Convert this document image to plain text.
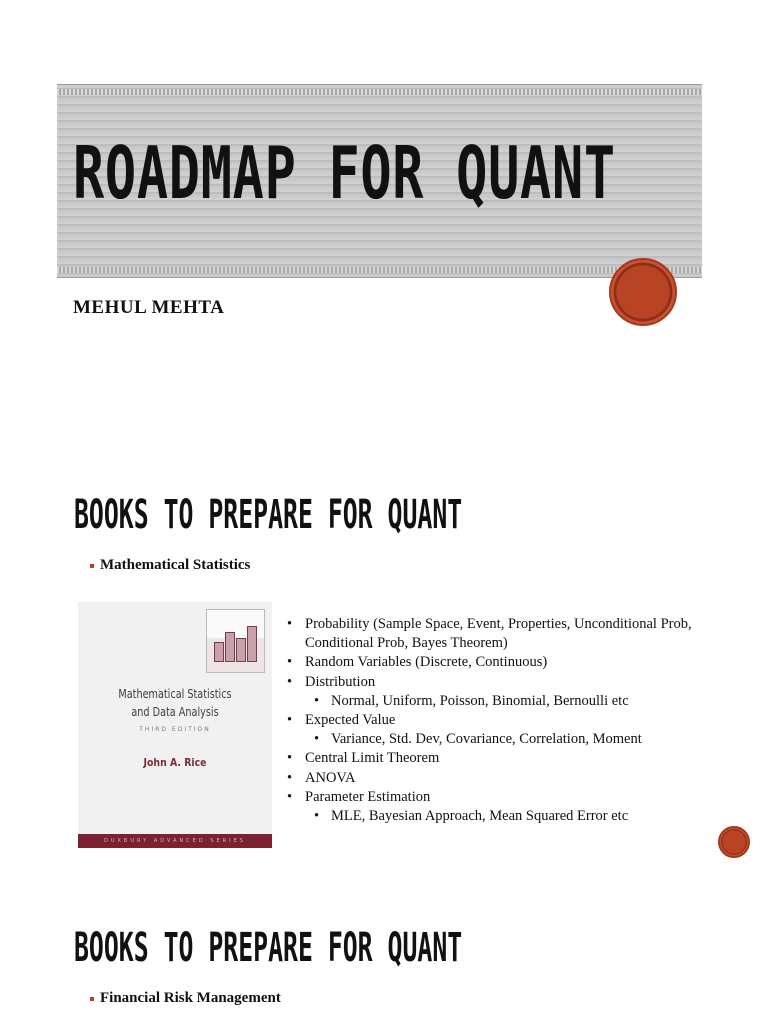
ROADMAP FOR QUANT
MEHUL MEHTA
BOOKS TO PREPARE FOR QUANT

Mathematical Statistics

Mathematical Statistics
and Data Analysis
THIRD EDITION
John A. Rice
DUXBURY ADVANCED SERIES
• Probability (Sample Space, Event, Properties, Unconditional Prob, Conditional Prob, Bayes Theorem)
• Random Variables (Discrete, Continuous)
• Distribution
• Normal, Uniform, Poisson, Binomial, Bernoulli etc
• Expected Value
• Variance, Std. Dev, Covariance, Correlation, Moment
• Central Limit Theorem
• ANOVA
• Parameter Estimation
• MLE, Bayesian Approach, Mean Squared Error etc
BOOKS TO PREPARE FOR QUANT

Financial Risk Management
